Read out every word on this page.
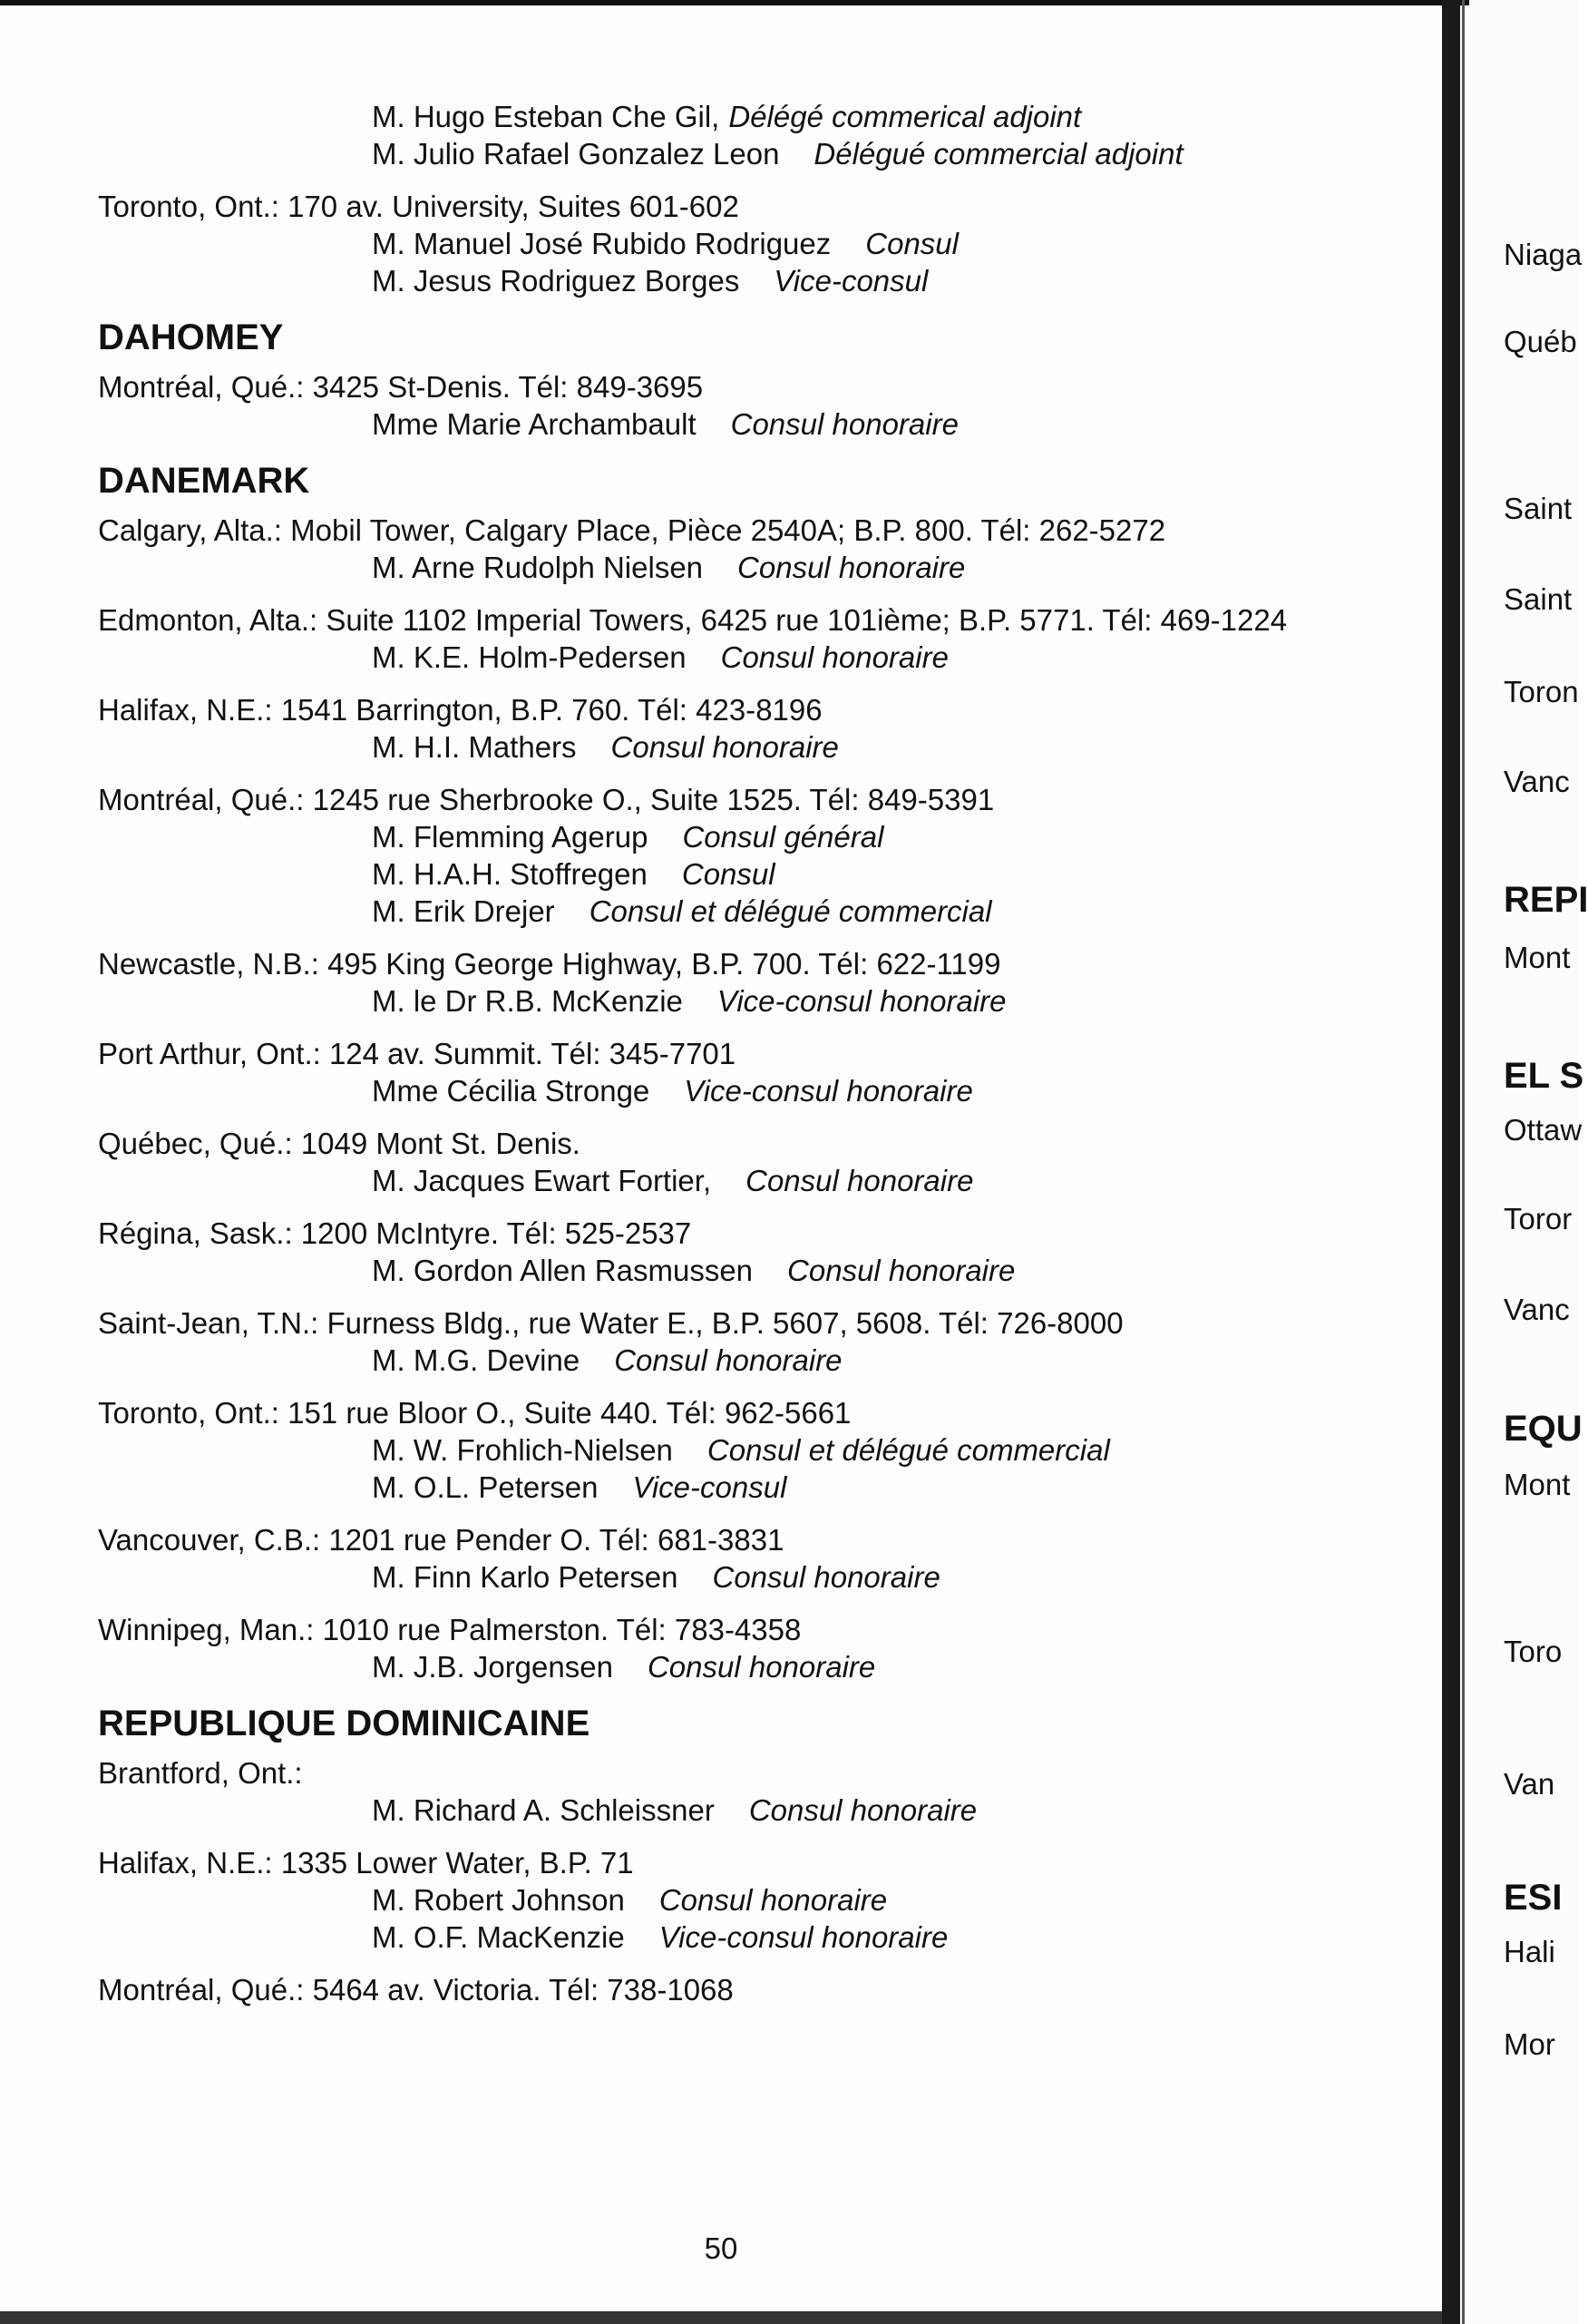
M. Hugo Esteban Che Gil, Délégé commerical adjoint
M. Julio Rafael Gonzalez Leon Délégué commercial adjoint
Toronto, Ont.: 170 av. University, Suites 601-602
M. Manuel José Rubido Rodriguez Consul
M. Jesus Rodriguez Borges Vice-consul
DAHOMEY
Montréal, Qué.: 3425 St-Denis. Tél: 849-3695
Mme Marie Archambault Consul honoraire
DANEMARK
Calgary, Alta.: Mobil Tower, Calgary Place, Pièce 2540A; B.P. 800. Tél: 262-5272
M. Arne Rudolph Nielsen Consul honoraire
Edmonton, Alta.: Suite 1102 Imperial Towers, 6425 rue 101ième; B.P. 5771. Tél: 469-1224
M. K.E. Holm-Pedersen Consul honoraire
Halifax, N.E.: 1541 Barrington, B.P. 760. Tél: 423-8196
M. H.I. Mathers Consul honoraire
Montréal, Qué.: 1245 rue Sherbrooke O., Suite 1525. Tél: 849-5391
M. Flemming Agerup Consul général
M. H.A.H. Stoffregen Consul
M. Erik Drejer Consul et délégué commercial
Newcastle, N.B.: 495 King George Highway, B.P. 700. Tél: 622-1199
M. le Dr R.B. McKenzie Vice-consul honoraire
Port Arthur, Ont.: 124 av. Summit. Tél: 345-7701
Mme Cécilia Stronge Vice-consul honoraire
Québec, Qué.: 1049 Mont St. Denis.
M. Jacques Ewart Fortier, Consul honoraire
Régina, Sask.: 1200 McIntyre. Tél: 525-2537
M. Gordon Allen Rasmussen Consul honoraire
Saint-Jean, T.N.: Furness Bldg., rue Water E., B.P. 5607, 5608. Tél: 726-8000
M. M.G. Devine Consul honoraire
Toronto, Ont.: 151 rue Bloor O., Suite 440. Tél: 962-5661
M. W. Frohlich-Nielsen Consul et délégué commercial
M. O.L. Petersen Vice-consul
Vancouver, C.B.: 1201 rue Pender O. Tél: 681-3831
M. Finn Karlo Petersen Consul honoraire
Winnipeg, Man.: 1010 rue Palmerston. Tél: 783-4358
M. J.B. Jorgensen Consul honoraire
REPUBLIQUE DOMINICAINE
Brantford, Ont.:
M. Richard A. Schleissner Consul honoraire
Halifax, N.E.: 1335 Lower Water, B.P. 71
M. Robert Johnson Consul honoraire
M. O.F. MacKenzie Vice-consul honoraire
Montréal, Qué.: 5464 av. Victoria. Tél: 738-1068
50
Niaga
Québ
Saint
Saint
Toron
Vanc
REPI
Mont
EL S
Ottaw
Toror
Vanc
EQU
Mont
Toro
Van
ESI
Hali
Mor
